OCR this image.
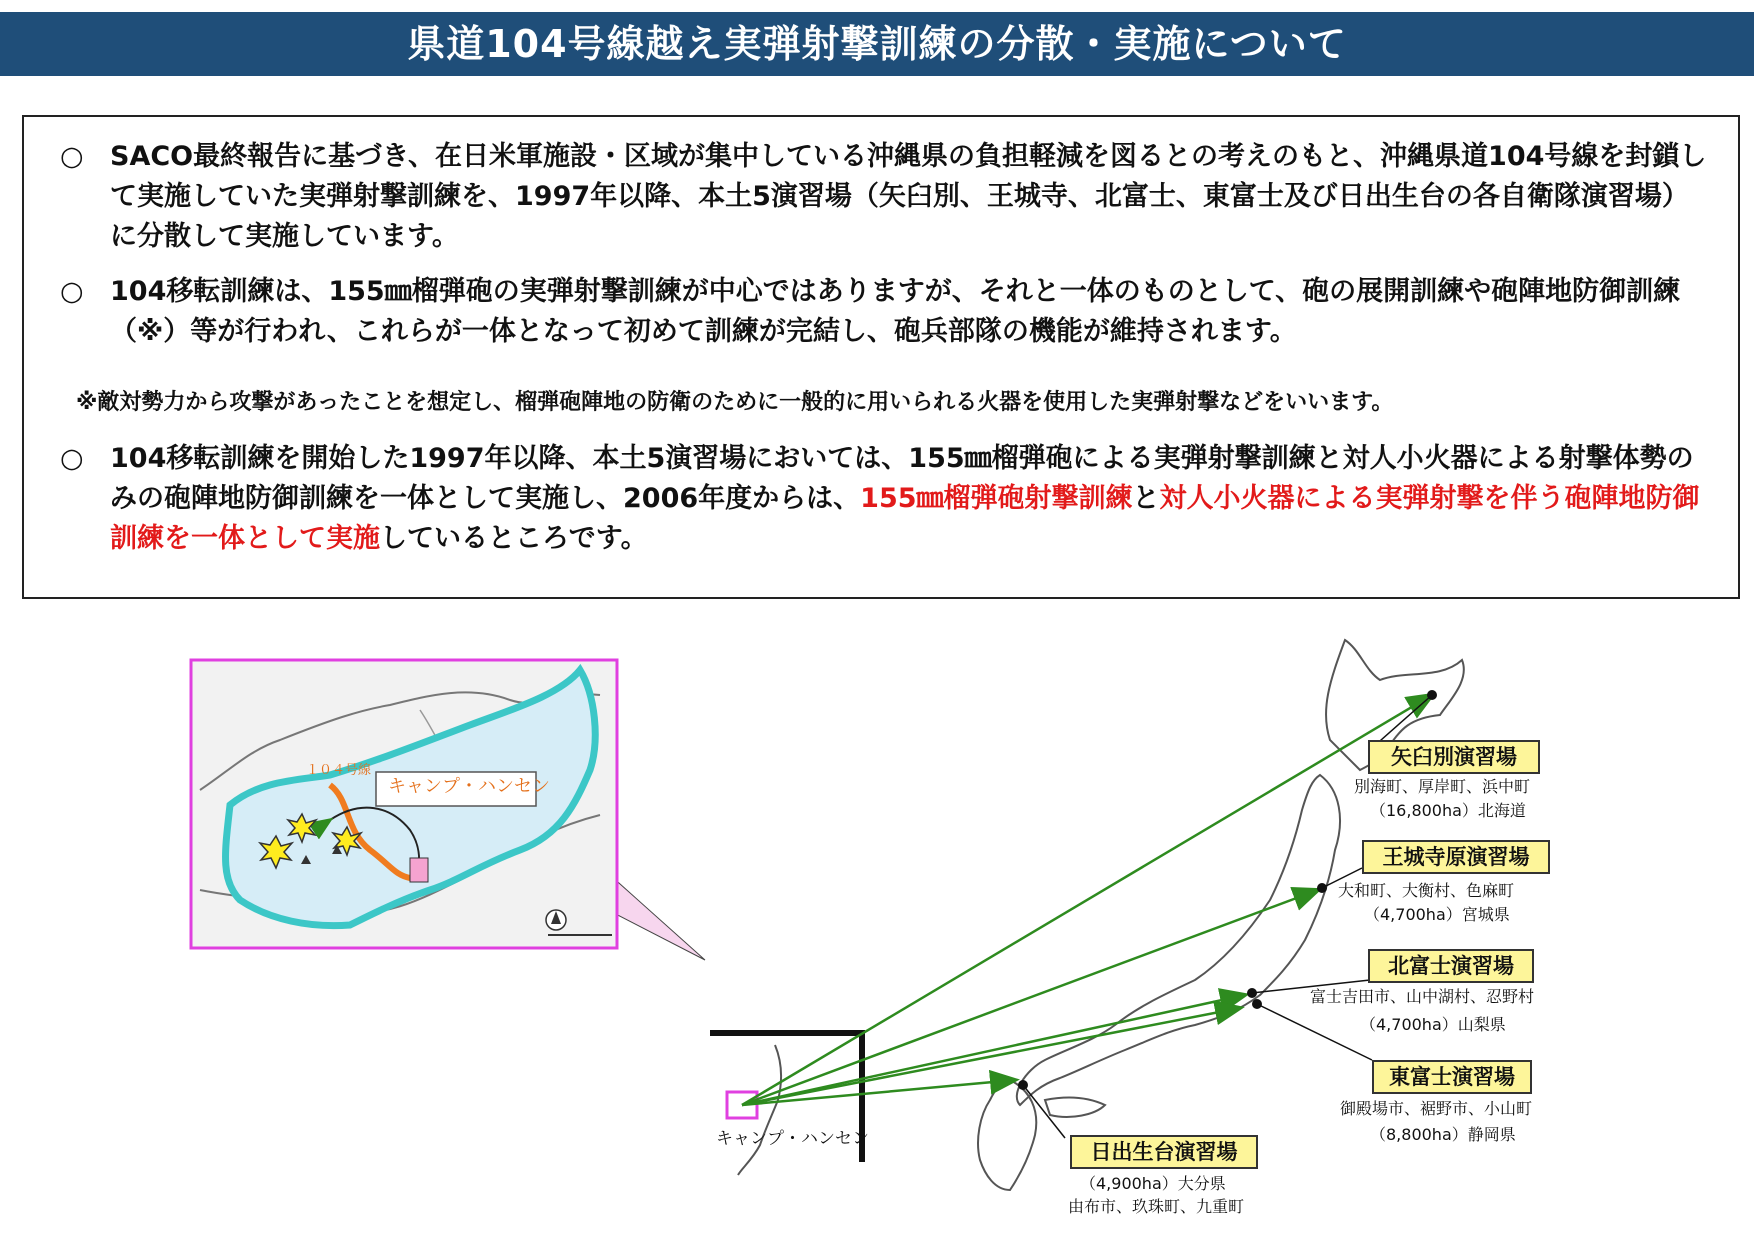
県道104号線越え実弾射撃訓練の分散・実施について
○ SACO最終報告に基づき、在日米軍施設・区域が集中している沖縄県の負担軽減を図るとの考えのもと、沖縄県道104号線を封鎖して実施していた実弾射撃訓練を、1997年以降、本土5演習場（矢臼別、王城寺、北富士、東富士及び日出生台の各自衛隊演習場）に分散して実施しています。
○ 104移転訓練は、155㎜榴弾砲の実弾射撃訓練が中心ではありますが、それと一体のものとして、砲の展開訓練や砲陣地防御訓練（※）等が行われ、これらが一体となって初めて訓練が完結し、砲兵部隊の機能が維持されます。
※敵対勢力から攻撃があったことを想定し、榴弾砲陣地の防衛のために一般的に用いられる火器を使用した実弾射撃などをいいます。
○ 104移転訓練を開始した1997年以降、本土5演習場においては、155㎜榴弾砲による実弾射撃訓練と対人小火器による射撃体勢のみの砲陣地防御訓練を一体として実施し、2006年度からは、155㎜榴弾砲射撃訓練と対人小火器による実弾射撃を伴う砲陣地防御訓練を一体として実施しているところです。
キャンプ・ハンセン
１０４号線
キャンプ・ハンセン
矢臼別演習場
別海町、厚岸町、浜中町
（16,800ha）北海道
王城寺原演習場
大和町、大衡村、色麻町
（4,700ha）宮城県
北富士演習場
富士吉田市、山中湖村、忍野村
（4,700ha）山梨県
東富士演習場
御殿場市、裾野市、小山町
（8,800ha）静岡県
日出生台演習場
（4,900ha）大分県
由布市、玖珠町、九重町
